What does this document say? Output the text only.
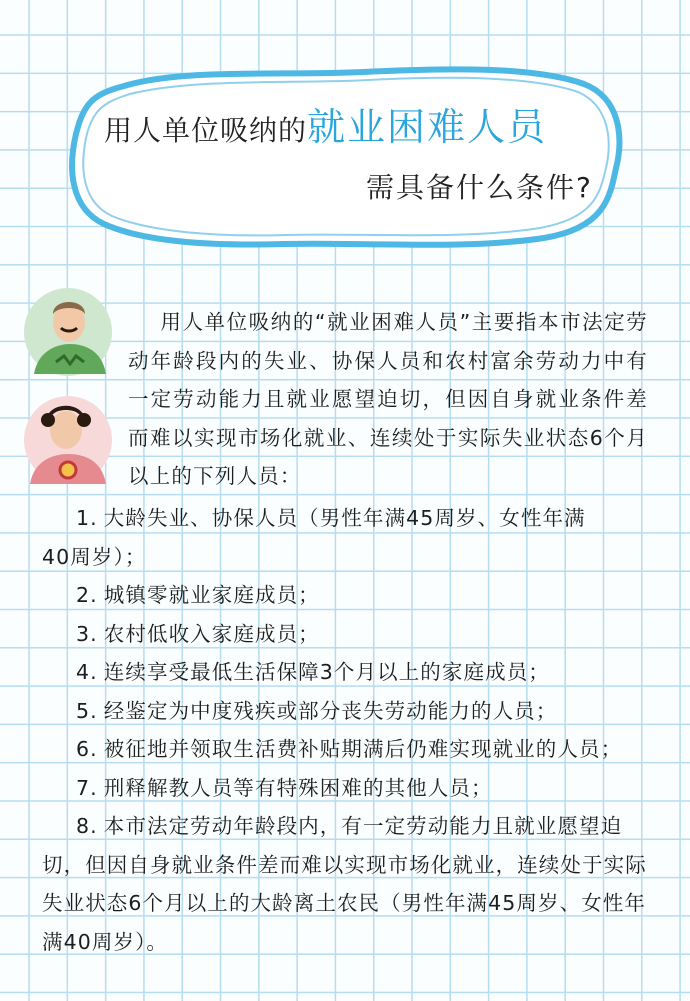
用人单位吸纳的就业困难人员
需具备什么条件?
用人单位吸纳的“就业困难人员”主要指本市法定劳动年龄段内的失业、协保人员和农村富余劳动力中有一定劳动能力且就业愿望迫切，但因自身就业条件差而难以实现市场化就业、连续处于实际失业状态6个月以上的下列人员：

1. 大龄失业、协保人员（男性年满45周岁、女性年满
40周岁）；

2. 城镇零就业家庭成员；

3. 农村低收入家庭成员；

4. 连续享受最低生活保障3个月以上的家庭成员；

5. 经鉴定为中度残疾或部分丧失劳动能力的人员；

6. 被征地并领取生活费补贴期满后仍难实现就业的人员；

7. 刑释解教人员等有特殊困难的其他人员；

8. 本市法定劳动年龄段内，有一定劳动能力且就业愿望迫切，但因自身就业条件差而难以实现市场化就业，连续处于实际失业状态6个月以上的大龄离土农民（男性年满45周岁、女性年满40周岁）。
